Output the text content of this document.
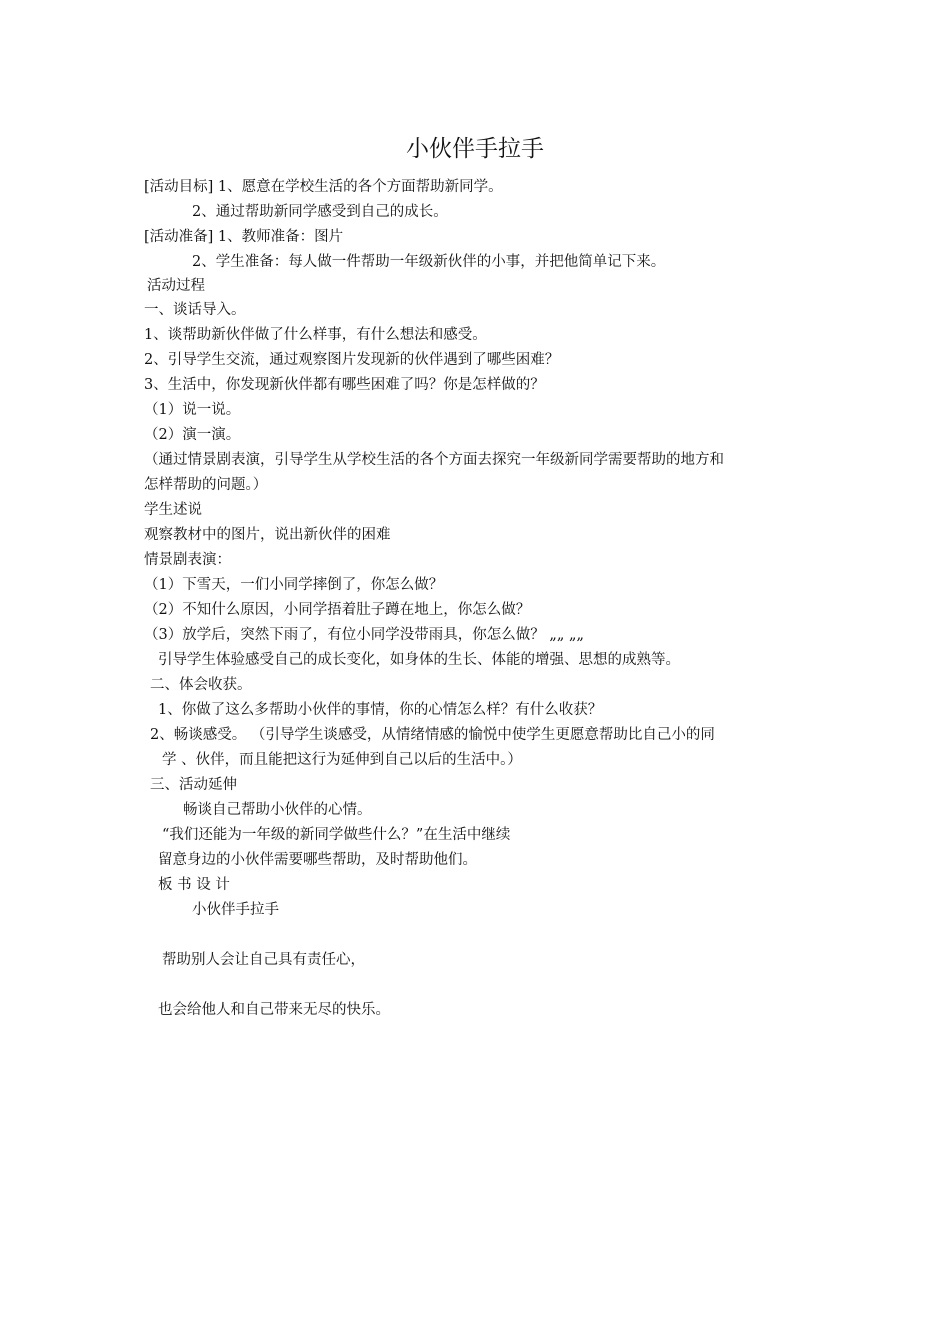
小伙伴手拉手
[活动目标] 1、愿意在学校生活的各个方面帮助新同学。
2、通过帮助新同学感受到自己的成长。
[活动准备] 1、教师准备：图片
2、学生准备：每人做一件帮助一年级新伙伴的小事，并把他简单记下来。
活动过程
一、谈话导入。
1、谈帮助新伙伴做了什么样事，有什么想法和感受。
2、引导学生交流，通过观察图片发现新的伙伴遇到了哪些困难？
3、生活中，你发现新伙伴都有哪些困难了吗？你是怎样做的？
（1）说一说。
（2）演一演。
（通过情景剧表演，引导学生从学校生活的各个方面去探究一年级新同学需要帮助的地方和
怎样帮助的问题。）
学生述说
观察教材中的图片，说出新伙伴的困难
情景剧表演：
（1）下雪天，一们小同学摔倒了，你怎么做？
（2）不知什么原因，小同学捂着肚子蹲在地上，你怎么做？
（3）放学后，突然下雨了，有位小同学没带雨具，你怎么做？ „„ „„
引导学生体验感受自己的成长变化，如身体的生长、体能的增强、思想的成熟等。
二、体会收获。
1、你做了这么多帮助小伙伴的事情，你的心情怎么样？有什么收获？
2、畅谈感受。 （引导学生谈感受，从情绪情感的愉悦中使学生更愿意帮助比自己小的同
学 、伙伴，而且能把这行为延伸到自己以后的生活中。）
三、活动延伸
畅谈自己帮助小伙伴的心情。
“我们还能为一年级的新同学做些什么？”在生活中继续
留意身边的小伙伴需要哪些帮助，及时帮助他们。
板 书 设 计
小伙伴手拉手
帮助别人会让自己具有责任心，
也会给他人和自己带来无尽的快乐。
